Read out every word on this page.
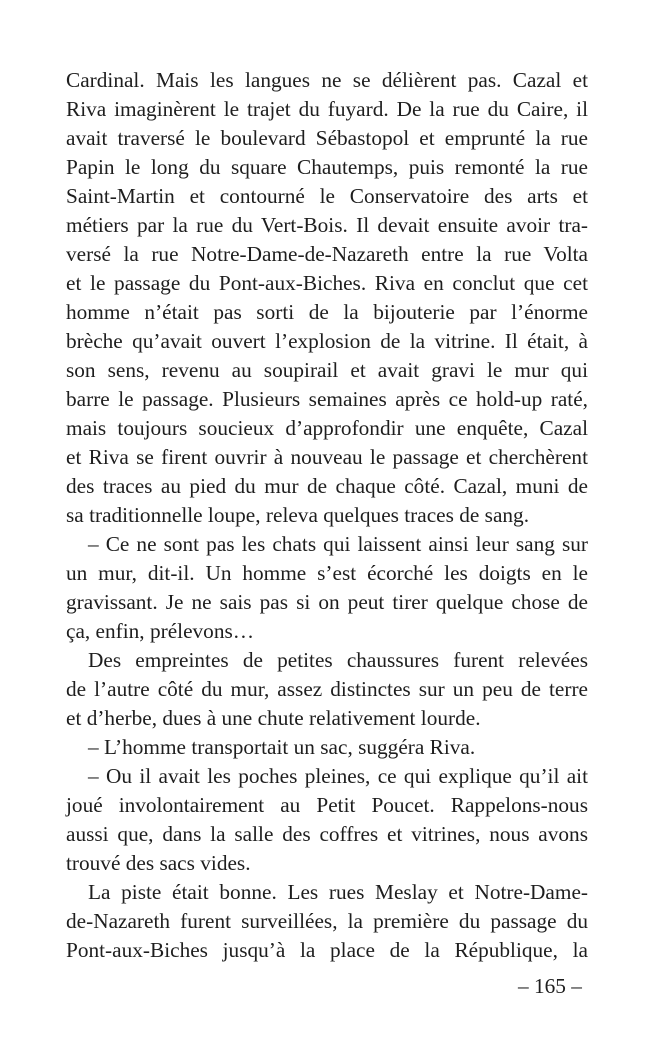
Cardinal. Mais les langues ne se délièrent pas. Cazal et
Riva imaginèrent le trajet du fuyard. De la rue du Caire, il
avait traversé le boulevard Sébastopol et emprunté la rue
Papin le long du square Chautemps, puis remonté la rue
Saint-Martin et contourné le Conservatoire des arts et
métiers par la rue du Vert-Bois. Il devait ensuite avoir tra-
versé la rue Notre-Dame-de-Nazareth entre la rue Volta
et le passage du Pont-aux-Biches. Riva en conclut que cet
homme n’était pas sorti de la bijouterie par l’énorme
brèche qu’avait ouvert l’explosion de la vitrine. Il était, à
son sens, revenu au soupirail et avait gravi le mur qui
barre le passage. Plusieurs semaines après ce hold-up raté,
mais toujours soucieux d’approfondir une enquête, Cazal
et Riva se firent ouvrir à nouveau le passage et cherchèrent
des traces au pied du mur de chaque côté. Cazal, muni de
sa traditionnelle loupe, releva quelques traces de sang.
– Ce ne sont pas les chats qui laissent ainsi leur sang sur
un mur, dit-il. Un homme s’est écorché les doigts en le
gravissant. Je ne sais pas si on peut tirer quelque chose de
ça, enfin, prélevons…
Des empreintes de petites chaussures furent relevées
de l’autre côté du mur, assez distinctes sur un peu de terre
et d’herbe, dues à une chute relativement lourde.
– L’homme transportait un sac, suggéra Riva.
– Ou il avait les poches pleines, ce qui explique qu’il ait
joué involontairement au Petit Poucet. Rappelons-nous
aussi que, dans la salle des coffres et vitrines, nous avons
trouvé des sacs vides.
La piste était bonne. Les rues Meslay et Notre-Dame-
de-Nazareth furent surveillées, la première du passage du
Pont-aux-Biches jusqu’à la place de la République, la
– 165 –
